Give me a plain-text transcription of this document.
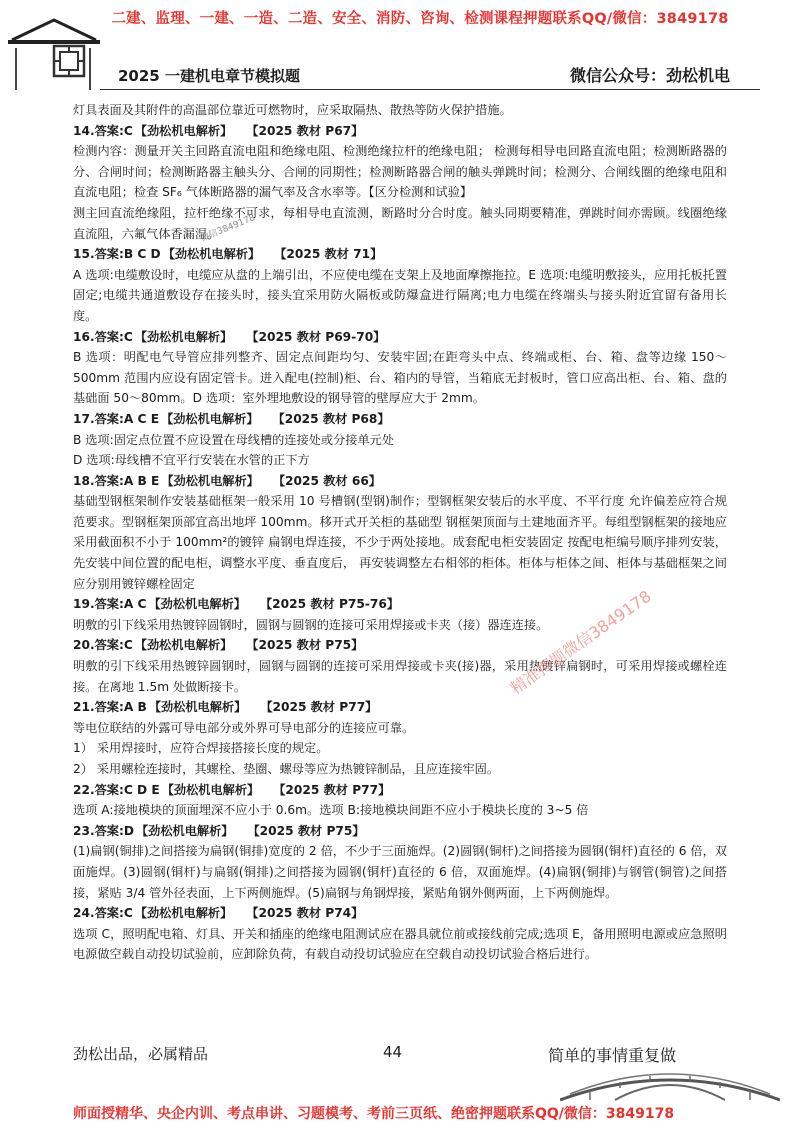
二建、监理、一建、一造、二造、安全、消防、咨询、检测课程押题联系QQ/微信：3849178
2025 一建机电章节模拟题	微信公众号：劲松机电

灯具表面及其附件的高温部位靠近可燃物时，应采取隔热、散热等防火保护措施。

14.答案:C 【劲松机电解析】 【2025 教材 P67】

检测内容：测量开关主回路直流电阻和绝缘电阻、检测绝缘拉杆的绝缘电阻； 检测每相导电回路直流电阻；检测断路器的分、合闸时间；检测断路器主触头分、合闸的同期性；检测断路器合闸的触头弹跳时间；检测分、合闸线圈的绝缘电阻和直流电阻；检查 SF₆ 气体断路器的漏气率及含水率等。【区分检测和试验】

测主回直流绝缘阻，拉杆绝缘不可求，每相导电直流测，断路时分合时度。触头同期要精准，弹跳时间亦需顾。线圈绝缘直流阻，六氟气体香漏湿。

15.答案:B C D 【劲松机电解析】 【2025 教材 71】

A 选项:电缆敷设时，电缆应从盘的上端引出，不应使电缆在支架上及地面摩擦拖拉。E 选项:电缆明敷接头，应用托板托置固定;电缆共通道敷设存在接头时，接头宜采用防火隔板或防爆盒进行隔离;电力电缆在终端头与接头附近宜留有备用长度。

16.答案:C 【劲松机电解析】 【2025 教材 P69-70】

B 选项：明配电气导管应排列整齐、固定点间距均匀、安装牢固;在距弯头中点、终端或柜、台、箱、盘等边缘 150～500mm 范围内应设有固定管卡。进入配电(控制)柜、台、箱内的导管，当箱底无封板时，管口应高出柜、台、箱、盘的基础面 50～80mm。D 选项：室外埋地敷设的钢导管的壁厚应大于 2mm。

17.答案:A C E 【劲松机电解析】 【2025 教材 P68】

B 选项:固定点位置不应设置在母线槽的连接处或分接单元处

D 选项:母线槽不宜平行安装在水管的正下方

18.答案:A B E 【劲松机电解析】 【2025 教材 66】

基础型钢框架制作安装基础框架一般采用 10 号槽钢(型钢)制作；型钢框架安装后的水平度、不平行度 允许偏差应符合规范要求。型钢框架顶部宜高出地坪 100mm。移开式开关柜的基础型 钢框架顶面与土建地面齐平。每组型钢框架的接地应采用截面积不小于 100mm²的镀锌 扁钢电焊连接，不少于两处接地。成套配电柜安装固定 按配电柜编号顺序排列安装，先安装中间位置的配电柜，调整水平度、垂直度后， 再安装调整左右相邻的柜体。柜体与柜体之间、柜体与基础框架之间应分别用镀锌螺栓固定

19.答案:A C 【劲松机电解析】 【2025 教材 P75-76】

明敷的引下线采用热镀锌圆钢时，圆钢与圆钢的连接可采用焊接或卡夹（接）器连连接。

20.答案:C 【劲松机电解析】 【2025 教材 P75】

明敷的引下线采用热镀锌圆钢时，圆钢与圆钢的连接可采用焊接或卡夹(接)器，采用热镀锌扁钢时，可采用焊接或螺栓连接。在离地 1.5m 处做断接卡。

21.答案:A B 【劲松机电解析】 【2025 教材 P77】

等电位联结的外露可导电部分或外界可导电部分的连接应可靠。

1） 采用焊接时，应符合焊接搭接长度的规定。

2） 采用螺栓连接时，其螺栓、垫圈、螺母等应为热镀锌制品，且应连接牢固。

22.答案:C D E 【劲松机电解析】 【2025 教材 P77】

选项 A:接地模块的顶面埋深不应小于 0.6m。选项 B:接地模块间距不应小于模块长度的 3~5 倍

23.答案:D 【劲松机电解析】 【2025 教材 P75】

(1)扁钢(铜排)之间搭接为扁钢(铜排)宽度的 2 倍，不少于三面施焊。(2)圆钢(铜杆)之间搭接为圆钢(铜杆)直径的 6 倍，双面施焊。(3)圆钢(铜杆)与扁钢(铜排)之间搭接为圆钢(铜杆)直径的 6 倍，双面施焊。(4)扁钢(铜排)与钢管(铜管)之间搭接，紧贴 3/4 管外径表面，上下两侧施焊。(5)扁钢与角钢焊接，紧贴角钢外侧两面，上下两侧施焊。

24.答案:C 【劲松机电解析】 【2025 教材 P74】

选项 C，照明配电箱、灯具、开关和插座的绝缘电阻测试应在器具就位前或接线前完成;选项 E，备用照明电源或应急照明电源做空载自动投切试验前，应卸除负荷，有载自动投切试验应在空载自动投切试验合格后进行。

微信3849178
精准押题微信3849178
劲松出品，必属精品	44	简单的事情重复做
师面授精华、央企内训、考点串讲、习题模考、考前三页纸、绝密押题联系QQ/微信：3849178
